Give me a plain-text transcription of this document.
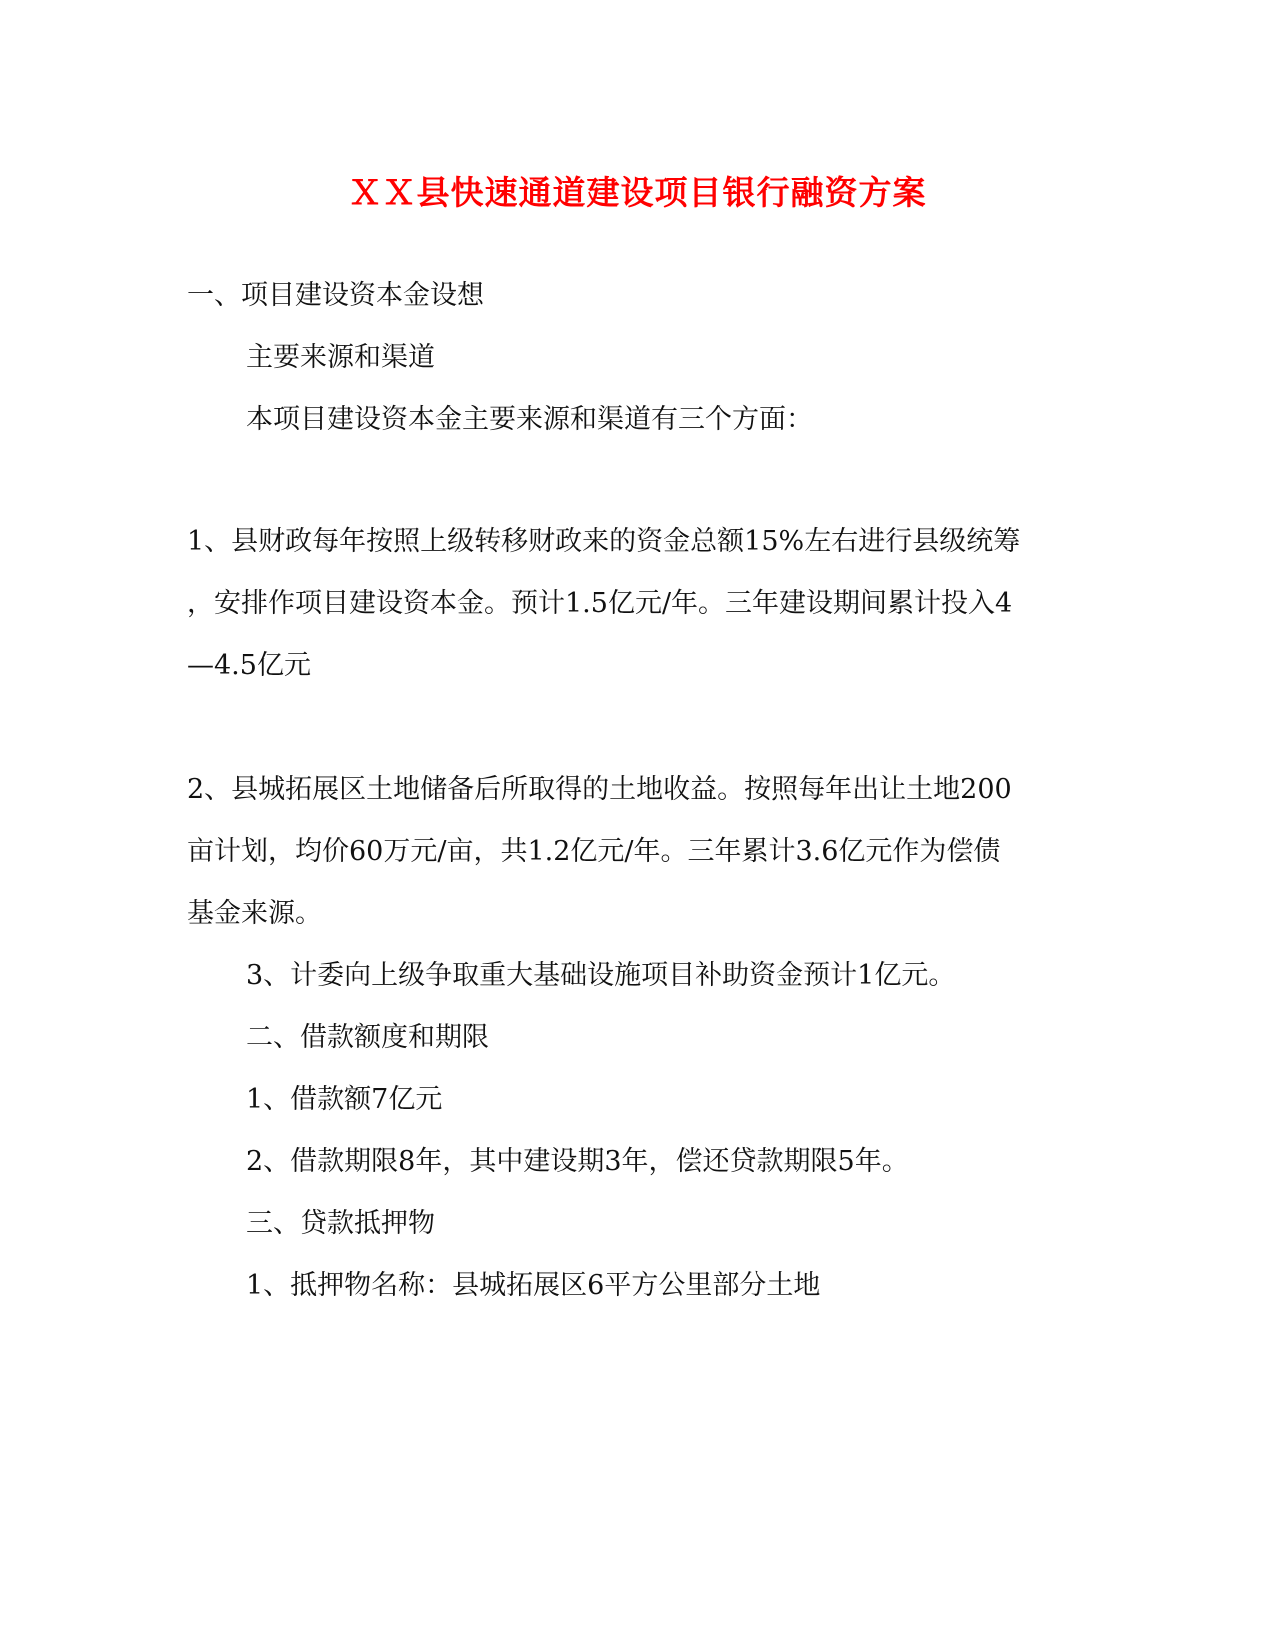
ＸＸ县快速通道建设项目银行融资方案
一、项目建设资本金设想
主要来源和渠道
本项目建设资本金主要来源和渠道有三个方面：
1、县财政每年按照上级转移财政来的资金总额15%左右进行县级统筹
，安排作项目建设资本金。预计1.5亿元/年。三年建设期间累计投入4
—4.5亿元
2、县城拓展区土地储备后所取得的土地收益。按照每年出让土地200
亩计划，均价60万元/亩，共1.2亿元/年。三年累计3.6亿元作为偿债
基金来源。
3、计委向上级争取重大基础设施项目补助资金预计1亿元。
二、借款额度和期限
1、借款额7亿元
2、借款期限8年，其中建设期3年，偿还贷款期限5年。
三、贷款抵押物
1、抵押物名称：县城拓展区6平方公里部分土地
